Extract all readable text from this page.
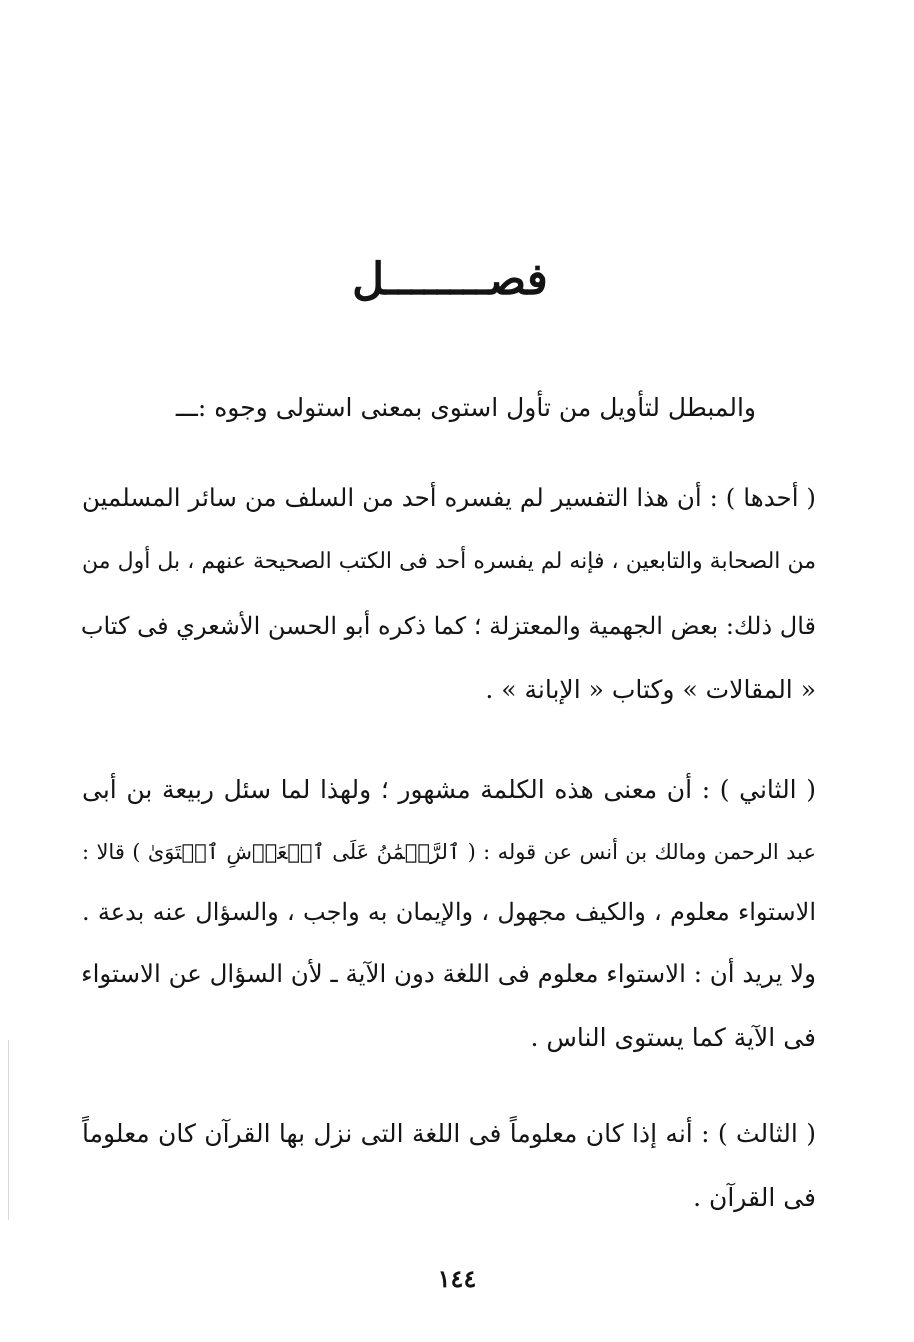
فصــــــــل
والمبطل لتأويل من تأول استوى بمعنى استولى وجوه :ـــ
( أحدها ) : أن هذا التفسير لم يفسره أحد من السلف من سائر المسلمين
من الصحابة والتابعين ، فإنه لم يفسره أحد فى الكتب الصحيحة عنهم ، بل أول من
قال ذلك: بعض الجهمية والمعتزلة ؛ كما ذكره أبو الحسن الأشعري فى كتاب
« المقالات » وكتاب « الإبانة » .
( الثاني ) : أن معنى هذه الكلمة مشهور ؛ ولهذا لما سئل ربيعة بن أبى
عبد الرحمن ومالك بن أنس عن قوله : ( ٱلرَّحۡمَٰنُ عَلَى ٱلۡعَرۡشِ ٱسۡتَوَىٰ ) قالا :
الاستواء معلوم ، والكيف مجهول ، والإيمان به واجب ، والسؤال عنه بدعة .
ولا يريد أن : الاستواء معلوم فى اللغة دون الآية ـ لأن السؤال عن الاستواء
فى الآية كما يستوى الناس .
( الثالث ) : أنه إذا كان معلوماً فى اللغة التى نزل بها القرآن كان معلوماً
فى القرآن .
١٤٤
